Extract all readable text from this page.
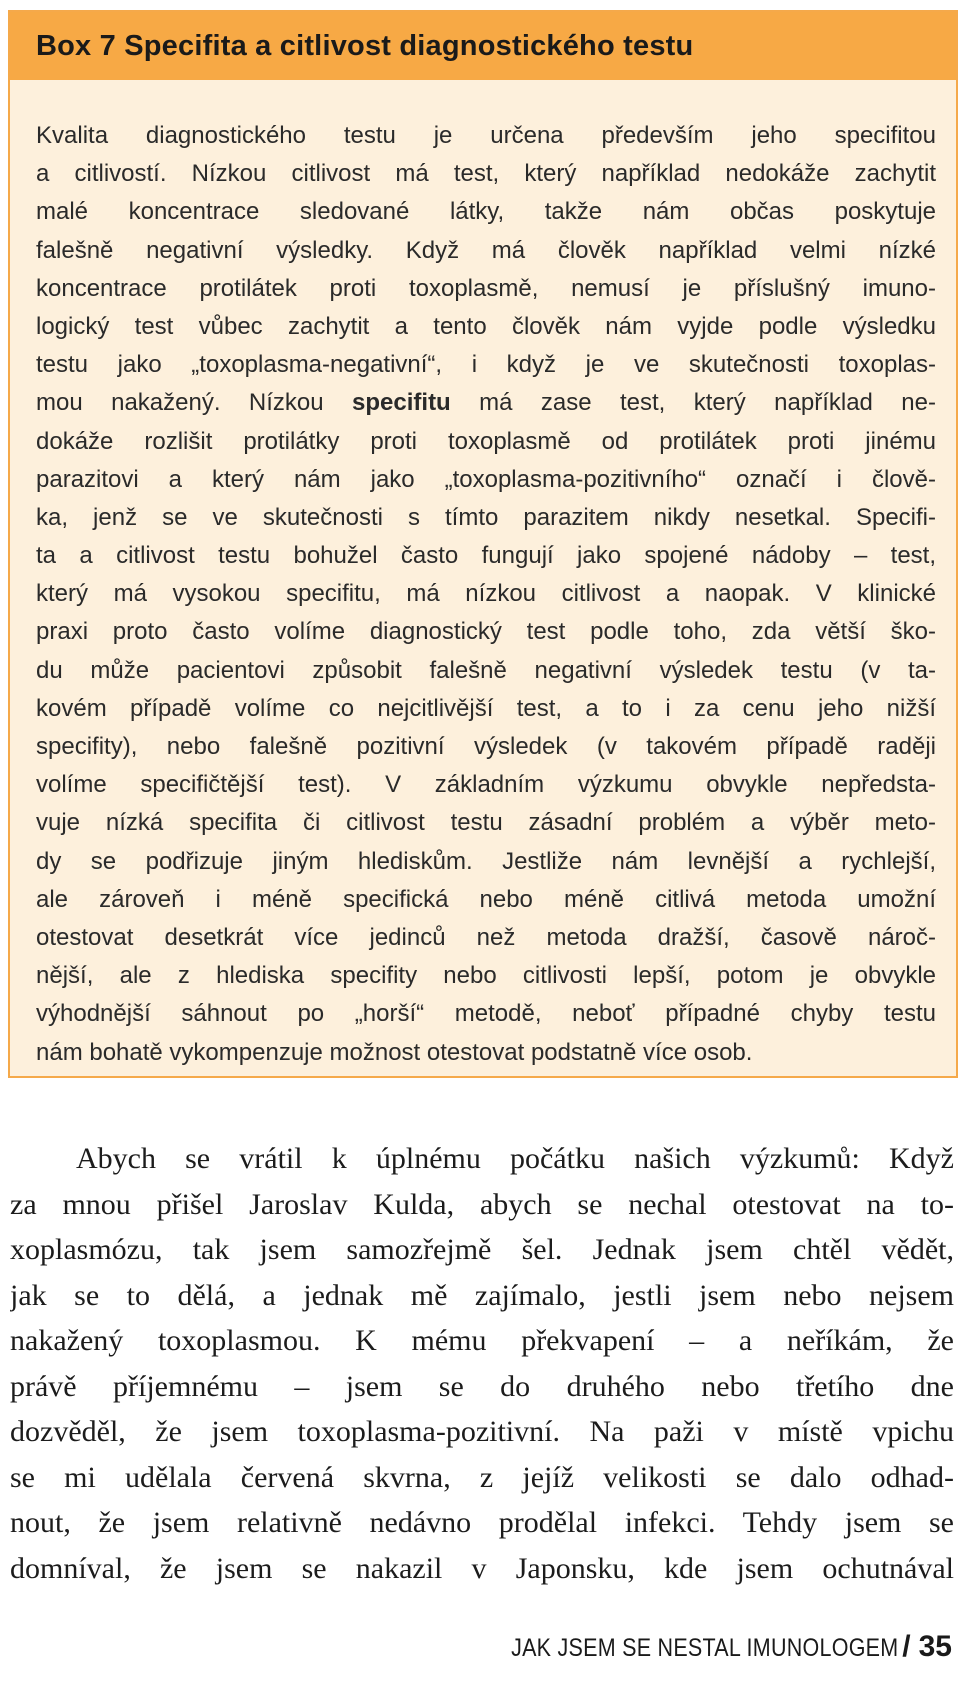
Box 7 Specifita a citlivost diagnostického testu
Kvalita diagnostického testu je určena především jeho specifitou
a citlivostí. Nízkou citlivost má test, který například nedokáže zachytit
malé koncentrace sledované látky, takže nám občas poskytuje
falešně negativní výsledky. Když má člověk například velmi nízké
koncentrace protilátek proti toxoplasmě, nemusí je příslušný imuno-
logický test vůbec zachytit a tento člověk nám vyjde podle výsledku
testu jako „toxoplasma-negativní“, i když je ve skutečnosti toxoplas-
mou nakažený. Nízkou specifitu má zase test, který například ne-
dokáže rozlišit protilátky proti toxoplasmě od protilátek proti jinému
parazitovi a který nám jako „toxoplasma-pozitivního“ označí i člově-
ka, jenž se ve skutečnosti s tímto parazitem nikdy nesetkal. Specifi-
ta a citlivost testu bohužel často fungují jako spojené nádoby – test,
který má vysokou specifitu, má nízkou citlivost a naopak. V klinické
praxi proto často volíme diagnostický test podle toho, zda větší ško-
du může pacientovi způsobit falešně negativní výsledek testu (v ta-
kovém případě volíme co nejcitlivější test, a to i za cenu jeho nižší
specifity), nebo falešně pozitivní výsledek (v takovém případě raději
volíme specifičtější test). V základním výzkumu obvykle nepředsta-
vuje nízká specifita či citlivost testu zásadní problém a výběr meto-
dy se podřizuje jiným hlediskům. Jestliže nám levnější a rychlejší,
ale zároveň i méně specifická nebo méně citlivá metoda umožní
otestovat desetkrát více jedinců než metoda dražší, časově nároč-
nější, ale z hlediska specifity nebo citlivosti lepší, potom je obvykle
výhodnější sáhnout po „horší“ metodě, neboť případné chyby testu
nám bohatě vykompenzuje možnost otestovat podstatně více osob.
Abych se vrátil k úplnému počátku našich výzkumů: Když
za mnou přišel Jaroslav Kulda, abych se nechal otestovat na to-
xoplasmózu, tak jsem samozřejmě šel. Jednak jsem chtěl vědět,
jak se to dělá, a jednak mě zajímalo, jestli jsem nebo nejsem
nakažený toxoplasmou. K mému překvapení – a neříkám, že
právě příjemnému – jsem se do druhého nebo třetího dne
dozvěděl, že jsem toxoplasma-pozitivní. Na paži v místě vpichu
se mi udělala červená skvrna, z jejíž velikosti se dalo odhad-
nout, že jsem relativně nedávno prodělal infekci. Tehdy jsem se
domníval, že jsem se nakazil v Japonsku, kde jsem ochutnával
JAK JSEM SE NESTAL IMUNOLOGEM / 35
